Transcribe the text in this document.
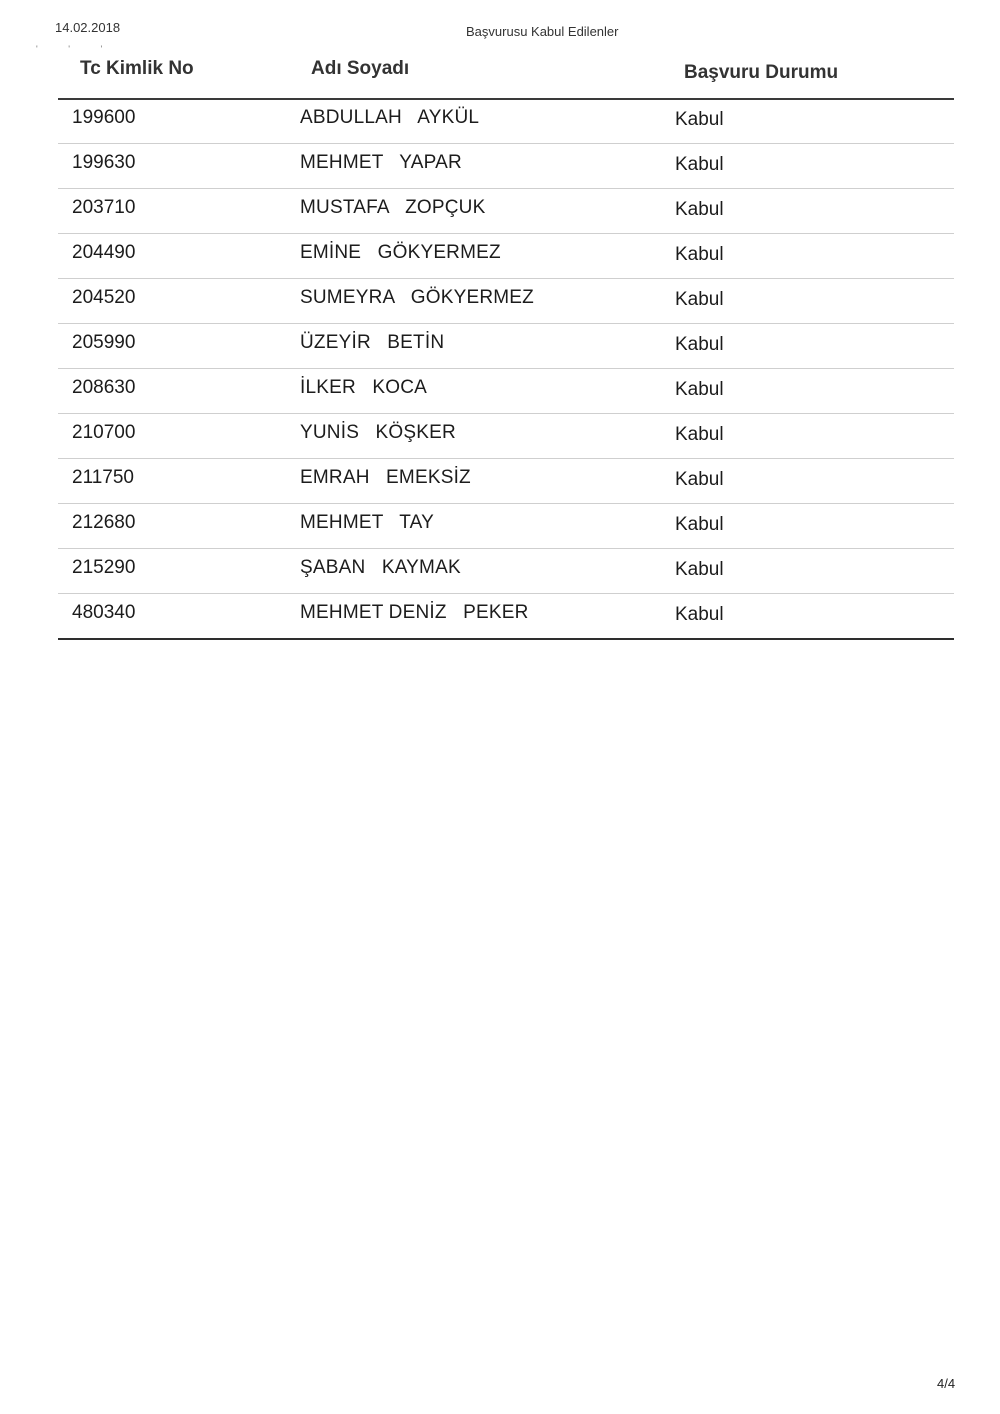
14.02.2018	Başvurusu Kabul Edilenler
' ' '
Tc Kimlik No	Adı Soyadı	Başvuru Durumu
199600	ABDULLAH   AYKÜL	Kabul
199630	MEHMET   YAPAR	Kabul
203710	MUSTAFA   ZOPÇUK	Kabul
204490	EMİNE   GÖKYERMEZ	Kabul
204520	SUMEYRA   GÖKYERMEZ	Kabul
205990	ÜZEYİR   BETİN	Kabul
208630	İLKER   KOCA	Kabul
210700	YUNİS   KÖŞKER	Kabul
211750	EMRAH   EMEKSİZ	Kabul
212680	MEHMET   TAY	Kabul
215290	ŞABAN   KAYMAK	Kabul
480340	MEHMET DENİZ   PEKER	Kabul
4/4
